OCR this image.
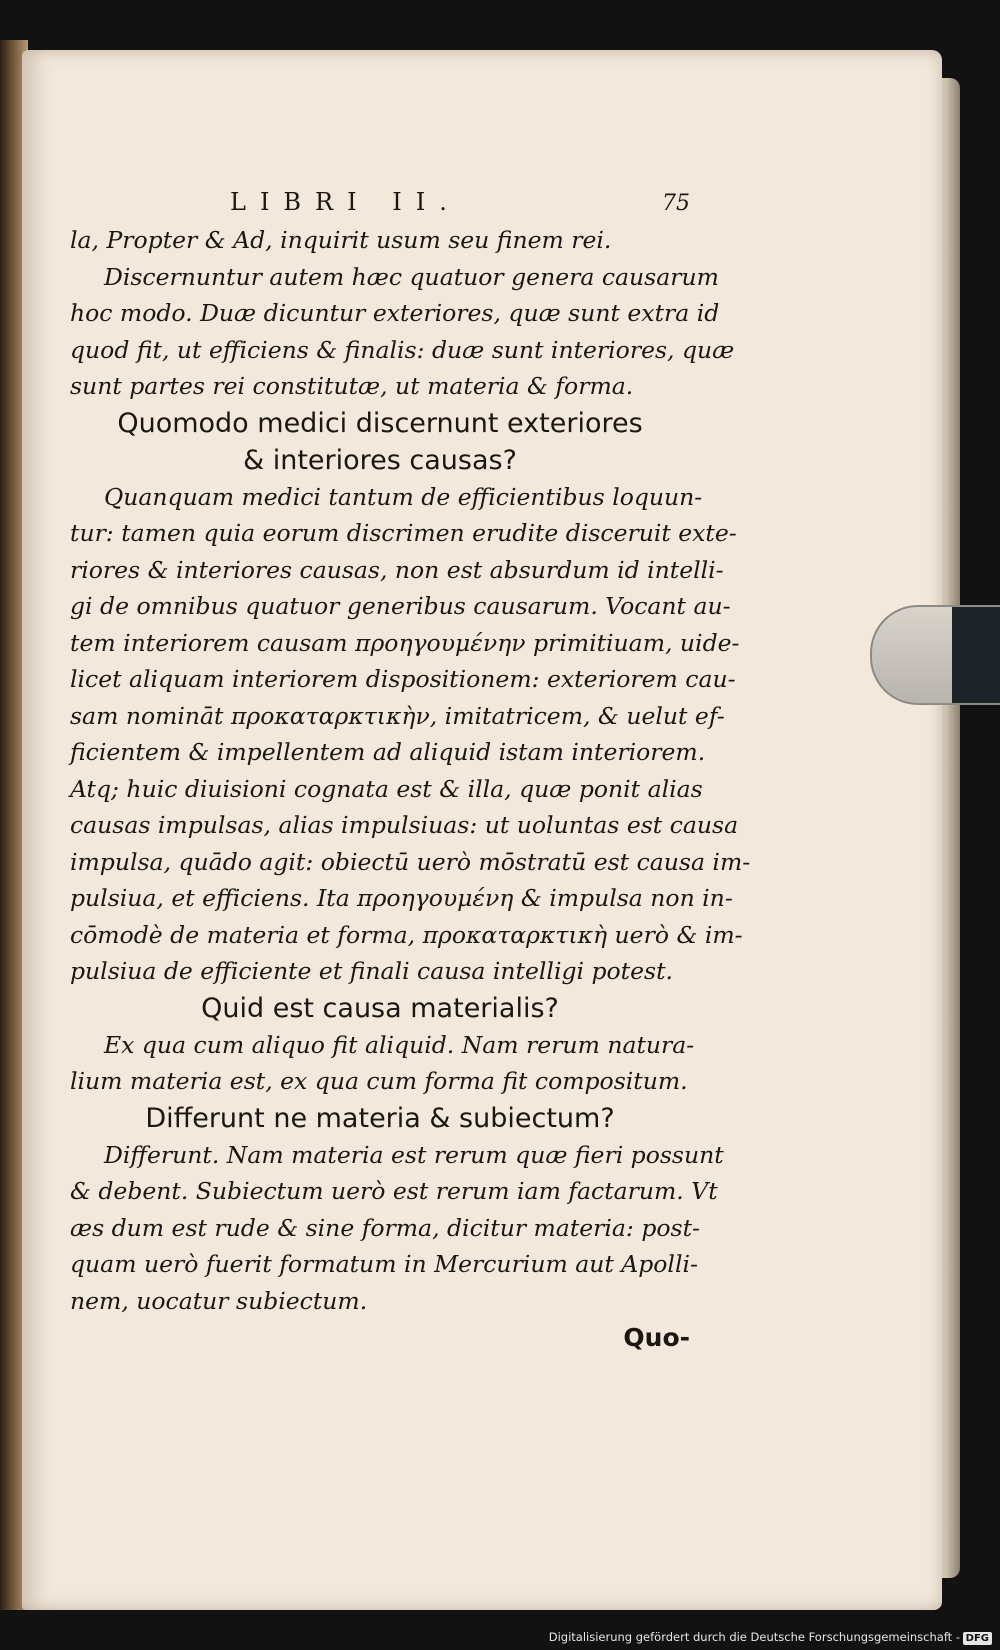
LIBRI II.	75
la, Propter & Ad, inquirit usum seu finem rei.
Discernuntur autem hæc quatuor genera causarum
hoc modo. Duæ dicuntur exteriores, quæ sunt extra id
quod fit, ut efficiens & finalis: duæ sunt interiores, quæ
sunt partes rei constitutæ, ut materia & forma.
Quomodo medici discernunt exteriores
& interiores causas?
Quanquam medici tantum de efficientibus loquun-
tur: tamen quia eorum discrimen erudite disceruit exte-
riores & interiores causas, non est absurdum id intelli-
gi de omnibus quatuor generibus causarum. Vocant au-
tem interiorem causam προηγουμένην primitiuam, uide-
licet aliquam interiorem dispositionem: exteriorem cau-
sam nomināt προκαταρκτικὴν, imitatricem, & uelut ef-
ficientem & impellentem ad aliquid istam interiorem.
Atq; huic diuisioni cognata est & illa, quæ ponit alias
causas impulsas, alias impulsiuas: ut uoluntas est causa
impulsa, quādo agit: obiectū uerò mōstratū est causa im-
pulsiua, et efficiens. Ita προηγουμένη & impulsa non in-
cōmodè de materia et forma, προκαταρκτικὴ uerò & im-
pulsiua de efficiente et finali causa intelligi potest.
Quid est causa materialis?
Ex qua cum aliquo fit aliquid. Nam rerum natura-
lium materia est, ex qua cum forma fit compositum.
Differunt ne materia & subiectum?
Differunt. Nam materia est rerum quæ fieri possunt
& debent. Subiectum uerò est rerum iam factarum. Vt
æs dum est rude & sine forma, dicitur materia: post-
quam uerò fuerit formatum in Mercurium aut Apolli-
nem, uocatur subiectum.
Quo-
Digitalisierung gefördert durch die Deutsche Forschungsgemeinschaft - DFG
